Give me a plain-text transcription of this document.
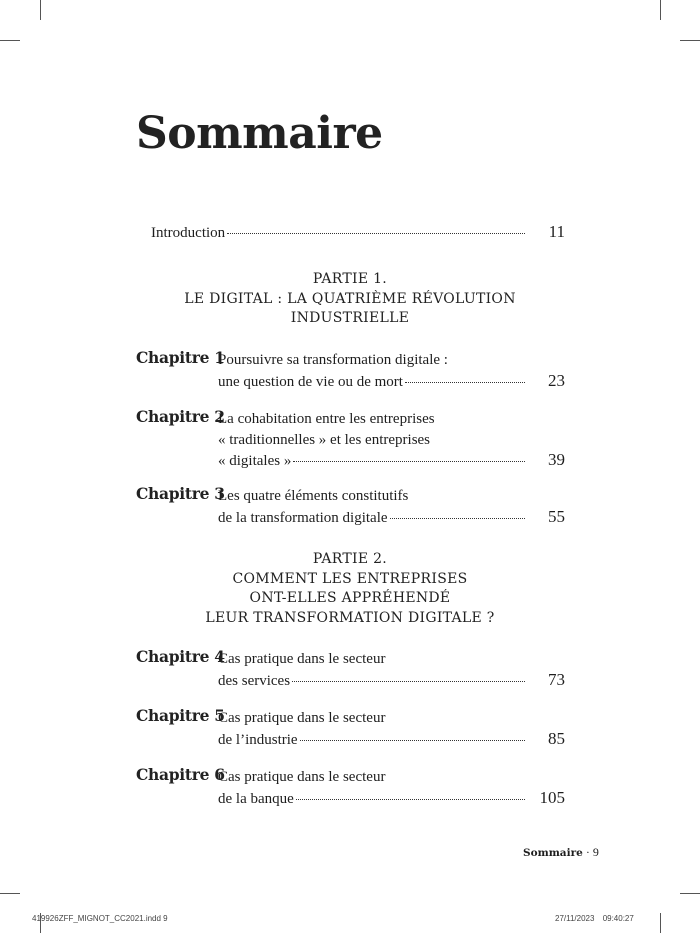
Sommaire
Introduction	11
PARTIE 1.
LE DIGITAL : LA QUATRIÈME RÉVOLUTION
INDUSTRIELLE
Chapitre 1
Poursuivre sa transformation digitale :
une question de vie ou de mort	23
Chapitre 2
La cohabitation entre les entreprises
« traditionnelles » et les entreprises
« digitales »	39
Chapitre 3
Les quatre éléments constitutifs
de la transformation digitale	55
PARTIE 2.
COMMENT LES ENTREPRISES
ONT-ELLES APPRÉHENDÉ
LEUR TRANSFORMATION DIGITALE ?
Chapitre 4
Cas pratique dans le secteur
des services	73
Chapitre 5
Cas pratique dans le secteur
de l’industrie	85
Chapitre 6
Cas pratique dans le secteur
de la banque	105
Sommaire · 9
419926ZFF_MIGNOT_CC2021.indd 9	27/11/2023 09:40:27
